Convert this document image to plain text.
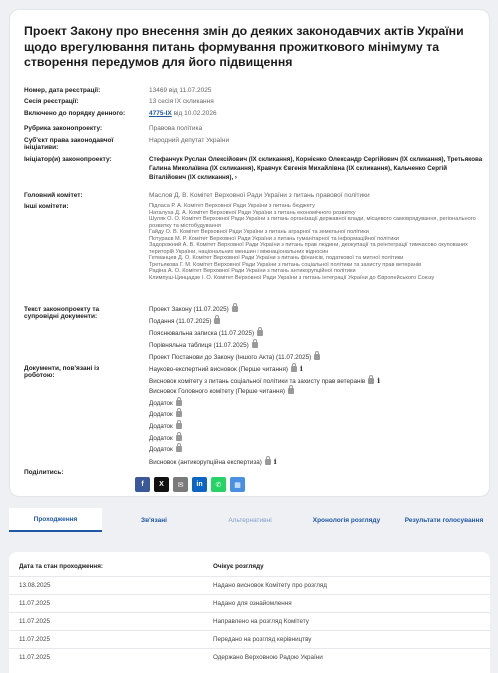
Проект Закону про внесення змін до деяких законодавчих актів України щодо врегулювання питань формування прожиткового мінімуму та створення передумов для його підвищення
Номер, дата реєстрації:	13469 від 11.07.2025
Сесія реєстрації:	13 сесія IX скликання
Включено до порядку денного:	4775-IX від 10.02.2026
Рубрика законопроекту:	Правова політика
Суб'єкт права законодавчої ініціативи:
Народний депутат України
Ініціатор(и) законопроекту:	Стефанчук Руслан Олексійович (IX скликання), Корнієнко Олександр Сергійович (IX скликання), Третьякова Галина Миколаївна (IX скликання), Кравчук Євгенія Михайлівна (IX скликання), Кальченко Сергій Віталійович (IX скликання), ›
Головний комітет:	Маслов Д. В. Комітет Верховної Ради України з питань правової політики
Інші комітети:	Підласа Р. А. Комітет Верховної Ради України з питань бюджету
Наталуха Д. А. Комітет Верховної Ради України з питань економічного розвитку
Шуляк О. О. Комітет Верховної Ради України з питань організації державної влади, місцевого самоврядування, регіонального розвитку та містобудування
Гайду О. В. Комітет Верховної Ради України з питань аграрної та земельної політики
Потураєв М. Р. Комітет Верховної Ради України з питань гуманітарної та інформаційної політики
Задорожний А. В. Комітет Верховної Ради України з питань прав людини, деокупації та реінтеграції тимчасово окупованих територій України, національних меншин і міжнаціональних відносин
Гетманцев Д. О. Комітет Верховної Ради України з питань фінансів, податкової та митної політики
Третьякова Г. М. Комітет Верховної Ради України з питань соціальної політики та захисту прав ветеранів
Радіна А. О. Комітет Верховної Ради України з питань антикорупційної політики
Климпуш-Цинцадзе І. О. Комітет Верховної Ради України з питань інтеграції України до Європейського Союзу
Текст законопроекту та супровідні документи:
Проект Закону (11.07.2025)
Подання (11.07.2025)
Пояснювальна записка (11.07.2025)
Порівняльна таблиця (11.07.2025)
Проект Постанови до Закону (Іншого Акта) (11.07.2025)
Документи, пов'язані із роботою:
Науково-експертний висновок (Перше читання) i
Висновок комітету з питань соціальної політики та захисту прав ветеранів i
Висновок Головного комітету (Перше читання)
Додаток
Додаток
Додаток
Додаток
Додаток
Висновок (антикорупційна експертиза) i
Поділитись:
f	X	✉	in	✆	▦
Проходження	Зв'язані	Альтернативні	Хронологія розгляду	Результати голосування
Дата та стан проходження:	Очікує розгляду
13.08.2025	Надано висновок Комітету про розгляд
11.07.2025	Надано для ознайомлення
11.07.2025	Направлено на розгляд Комітету
11.07.2025	Передано на розгляд керівництву
11.07.2025	Одержано Верховною Радою України
